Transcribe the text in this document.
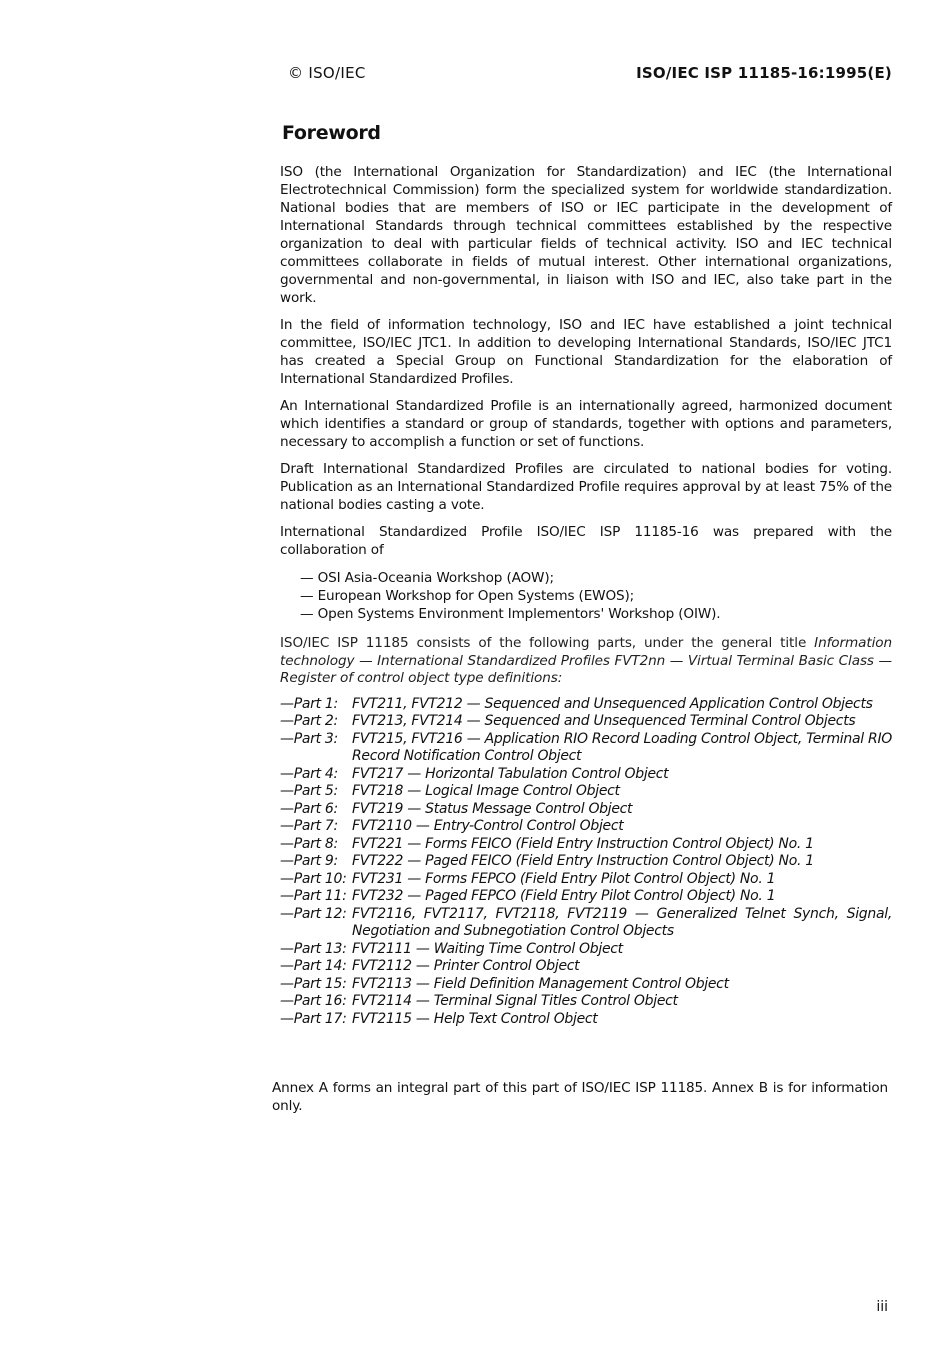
© ISO/IEC	ISO/IEC ISP 11185-16:1995(E)
Foreword

ISO (the International Organization for Standardization) and IEC (the International Electrotechnical Commission) form the specialized system for worldwide standardization. National bodies that are members of ISO or IEC participate in the development of International Standards through technical committees established by the respective organization to deal with particular fields of technical activity. ISO and IEC technical committees collaborate in fields of mutual interest. Other international organizations, governmental and non-governmental, in liaison with ISO and IEC, also take part in the work.

In the field of information technology, ISO and IEC have established a joint technical committee, ISO/IEC JTC1. In addition to developing International Standards, ISO/IEC JTC1 has created a Special Group on Functional Standardization for the elaboration of International Standardized Profiles.

An International Standardized Profile is an internationally agreed, harmonized document which identifies a standard or group of standards, together with options and parameters, necessary to accomplish a function or set of functions.

Draft International Standardized Profiles are circulated to national bodies for voting. Publication as an International Standardized Profile requires approval by at least 75% of the national bodies casting a vote.

International Standardized Profile ISO/IEC ISP 11185-16 was prepared with the collaboration of

— OSI Asia-Oceania Workshop (AOW);
— European Workshop for Open Systems (EWOS);
— Open Systems Environment Implementors' Workshop (OIW).

ISO/IEC ISP 11185 consists of the following parts, under the general title Information technology — International Standardized Profiles FVT2nn — Virtual Terminal Basic Class — Register of control object type definitions:

—Part 1:	FVT211, FVT212 — Sequenced and Unsequenced Application Control Objects
—Part 2:	FVT213, FVT214 — Sequenced and Unsequenced Terminal Control Objects
—Part 3:	FVT215, FVT216 — Application RIO Record Loading Control Object, Terminal RIO Record Notification Control Object
—Part 4:	FVT217 — Horizontal Tabulation Control Object
—Part 5:	FVT218 — Logical Image Control Object
—Part 6:	FVT219 — Status Message Control Object
—Part 7:	FVT2110 — Entry-Control Control Object
—Part 8:	FVT221 — Forms FEICO (Field Entry Instruction Control Object) No. 1
—Part 9:	FVT222 — Paged FEICO (Field Entry Instruction Control Object) No. 1
—Part 10: FVT231 — Forms FEPCO (Field Entry Pilot Control Object) No. 1
—Part 11: FVT232 — Paged FEPCO (Field Entry Pilot Control Object) No. 1
—Part 12: FVT2116, FVT2117, FVT2118, FVT2119 — Generalized Telnet Synch, Signal, Negotiation and Subnegotiation Control Objects
—Part 13: FVT2111 — Waiting Time Control Object
—Part 14: FVT2112 — Printer Control Object
—Part 15: FVT2113 — Field Definition Management Control Object
—Part 16: FVT2114 — Terminal Signal Titles Control Object
—Part 17: FVT2115 — Help Text Control Object
Annex A forms an integral part of this part of ISO/IEC ISP 11185. Annex B is for information only.
iii
